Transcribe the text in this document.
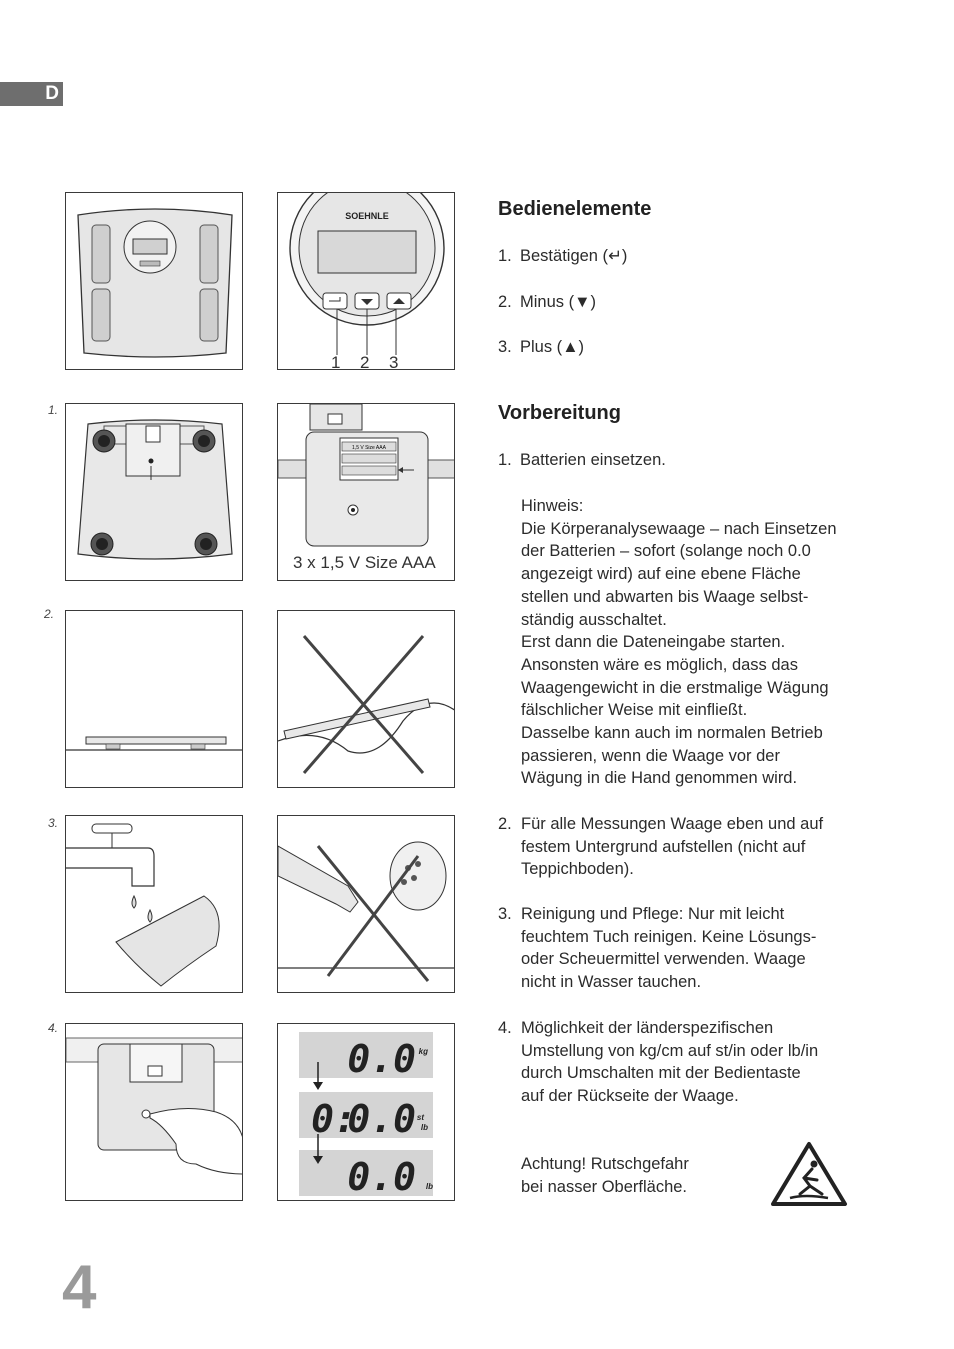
D
SOEHNLE
1 2 3
1.
1,5 V Size AAA
3 x 1,5 V Size AAA
2.
3.
4.
0.0 kg
0:
0.0 st
lb
0.0 lb
Bedienelemente
1. Bestätigen (↵)
2. Minus (▼)
3. Plus (▲)
Vorbereitung
1. Batterien einsetzen.
Hinweis:
Die Körperanalysewaage – nach Einsetzen
der Batterien – sofort (solange noch 0.0
angezeigt wird) auf eine ebene Fläche
stellen und abwarten bis Waage selbst-
ständig ausschaltet.
Erst dann die Dateneingabe starten.
Ansonsten wäre es möglich, dass das
Waagengewicht in die erstmalige Wägung
fälschlicher Weise mit einfließt.
Dasselbe kann auch im normalen Betrieb
passieren, wenn die Waage vor der
Wägung in die Hand genommen wird.
2. Für alle Messungen Waage eben und auf
festem Untergrund aufstellen (nicht auf
Teppichboden).
3. Reinigung und Pflege: Nur mit leicht
feuchtem Tuch reinigen. Keine Lösungs-
oder Scheuermittel verwenden. Waage
nicht in Wasser tauchen.
4. Möglichkeit der länderspezifischen
Umstellung von kg/cm auf st/in oder lb/in
durch Umschalten mit der Bedientaste
auf der Rückseite der Waage.
Achtung! Rutschgefahr
bei nasser Oberfläche.
4
